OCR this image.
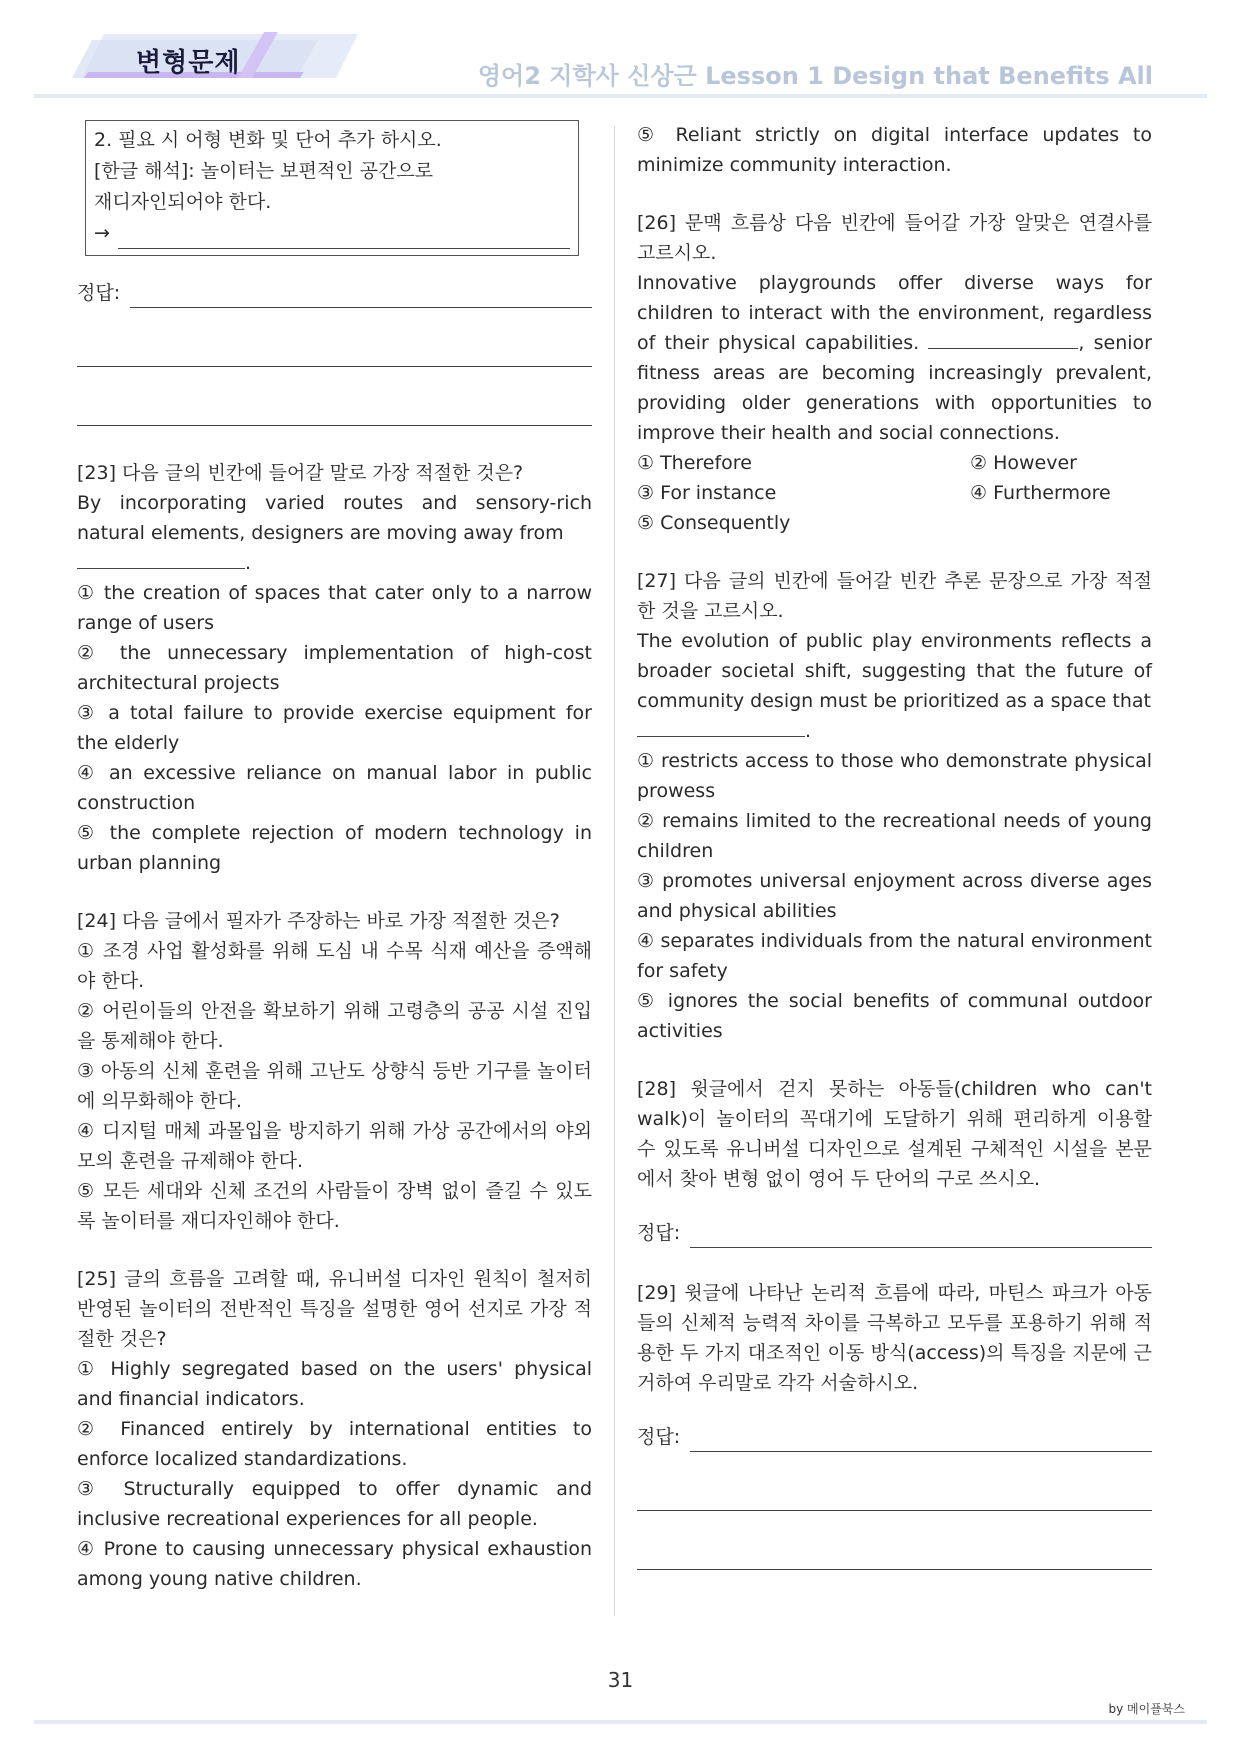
변형문제	영어2 지학사 신상근 Lesson 1 Design that Benefits All
2. 필요 시 어형 변화 및 단어 추가 하시오.
[한글 해석]: 놀이터는 보편적인 공간으로
재디자인되어야 한다.
→
정답:

[23] 다음 글의 빈칸에 들어갈 말로 가장 적절한 것은?

By incorporating varied routes and sensory-rich natural elements, designers are moving away from
.

① the creation of spaces that cater only to a narrow range of users

② the unnecessary implementation of high-cost architectural projects

③ a total failure to provide exercise equipment for the elderly

④ an excessive reliance on manual labor in public construction

⑤ the complete rejection of modern technology in urban planning

[24] 다음 글에서 필자가 주장하는 바로 가장 적절한 것은?

① 조경 사업 활성화를 위해 도심 내 수목 식재 예산을 증액해야 한다.

② 어린이들의 안전을 확보하기 위해 고령층의 공공 시설 진입을 통제해야 한다.

③ 아동의 신체 훈련을 위해 고난도 상향식 등반 기구를 놀이터에 의무화해야 한다.

④ 디지털 매체 과몰입을 방지하기 위해 가상 공간에서의 야외 모의 훈련을 규제해야 한다.

⑤ 모든 세대와 신체 조건의 사람들이 장벽 없이 즐길 수 있도록 놀이터를 재디자인해야 한다.

[25] 글의 흐름을 고려할 때, 유니버설 디자인 원칙이 철저히 반영된 놀이터의 전반적인 특징을 설명한 영어 선지로 가장 적절한 것은?

① Highly segregated based on the users' physical and financial indicators.

② Financed entirely by international entities to enforce localized standardizations.

③ Structurally equipped to offer dynamic and inclusive recreational experiences for all people.

④ Prone to causing unnecessary physical exhaustion among young native children.

⑤ Reliant strictly on digital interface updates to minimize community interaction.

[26] 문맥 흐름상 다음 빈칸에 들어갈 가장 알맞은 연결사를 고르시오.

Innovative playgrounds offer diverse ways for children to interact with the environment, regardless of their physical capabilities.	, senior fitness areas are becoming increasingly prevalent, providing older generations with opportunities to improve their health and social connections.

① Therefore	② However
③ For instance	④ Furthermore
⑤ Consequently

[27] 다음 글의 빈칸에 들어갈 빈칸 추론 문장으로 가장 적절한 것을 고르시오.

The evolution of public play environments reflects a broader societal shift, suggesting that the future of community design must be prioritized as a space that
.

① restricts access to those who demonstrate physical prowess

② remains limited to the recreational needs of young children

③ promotes universal enjoyment across diverse ages and physical abilities

④ separates individuals from the natural environment for safety

⑤ ignores the social benefits of communal outdoor activities

[28] 윗글에서 걷지 못하는 아동들(children who can't walk)이 놀이터의 꼭대기에 도달하기 위해 편리하게 이용할 수 있도록 유니버설 디자인으로 설계된 구체적인 시설을 본문에서 찾아 변형 없이 영어 두 단어의 구로 쓰시오.

정답:

[29] 윗글에 나타난 논리적 흐름에 따라, 마틴스 파크가 아동들의 신체적 능력적 차이를 극복하고 모두를 포용하기 위해 적용한 두 가지 대조적인 이동 방식(access)의 특징을 지문에 근거하여 우리말로 각각 서술하시오.

정답:
31
by 메이플북스
